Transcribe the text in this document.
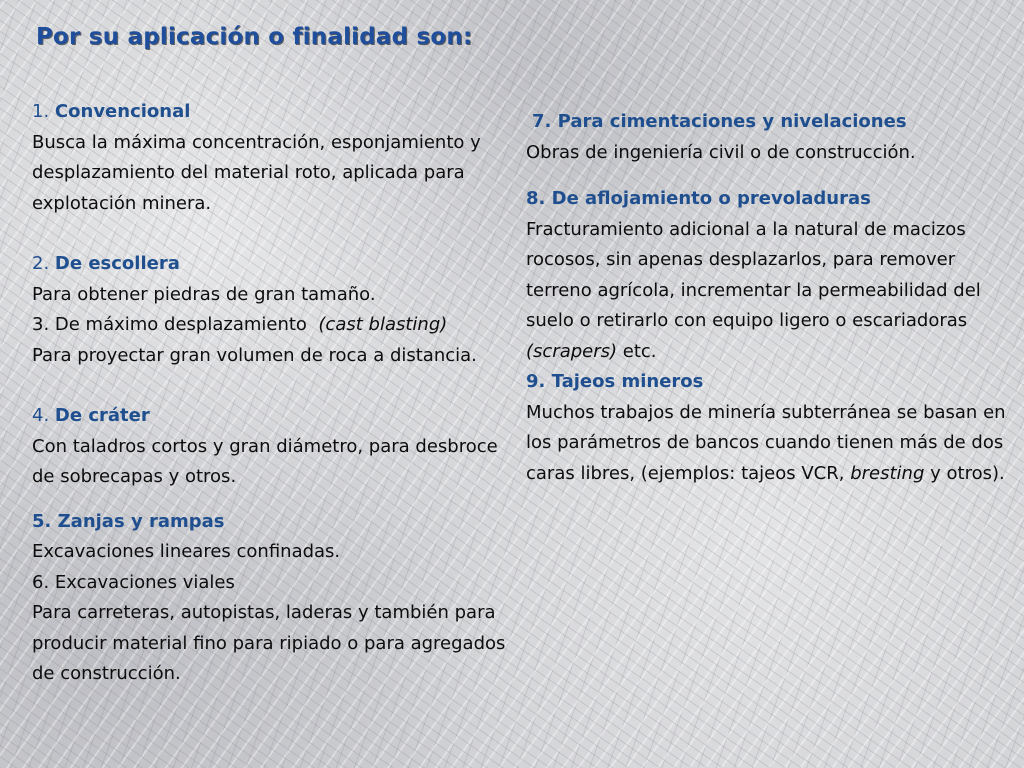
Por su aplicación o finalidad son:

1. Convencional

Busca la máxima concentración, esponjamiento y desplazamiento del material roto, aplicada para explotación minera.

2. De escollera

Para obtener piedras de gran tamaño.

3. De máximo desplazamiento (cast blasting)

Para proyectar gran volumen de roca a distancia.

4. De cráter

Con taladros cortos y gran diámetro, para desbroce de sobrecapas y otros.

5. Zanjas y rampas

Excavaciones lineares confinadas.

6. Excavaciones viales

Para carreteras, autopistas, laderas y también para producir material fino para ripiado o para agregados de construcción.

7. Para cimentaciones y nivelaciones

Obras de ingeniería civil o de construcción.

8. De aflojamiento o prevoladuras

Fracturamiento adicional a la natural de macizos rocosos, sin apenas desplazarlos, para remover terreno agrícola, incrementar la permeabilidad del suelo o retirarlo con equipo ligero o escariadoras (scrapers) etc.

9. Tajeos mineros

Muchos trabajos de minería subterránea se basan en los parámetros de bancos cuando tienen más de dos caras libres, (ejemplos: tajeos VCR, bresting y otros).
